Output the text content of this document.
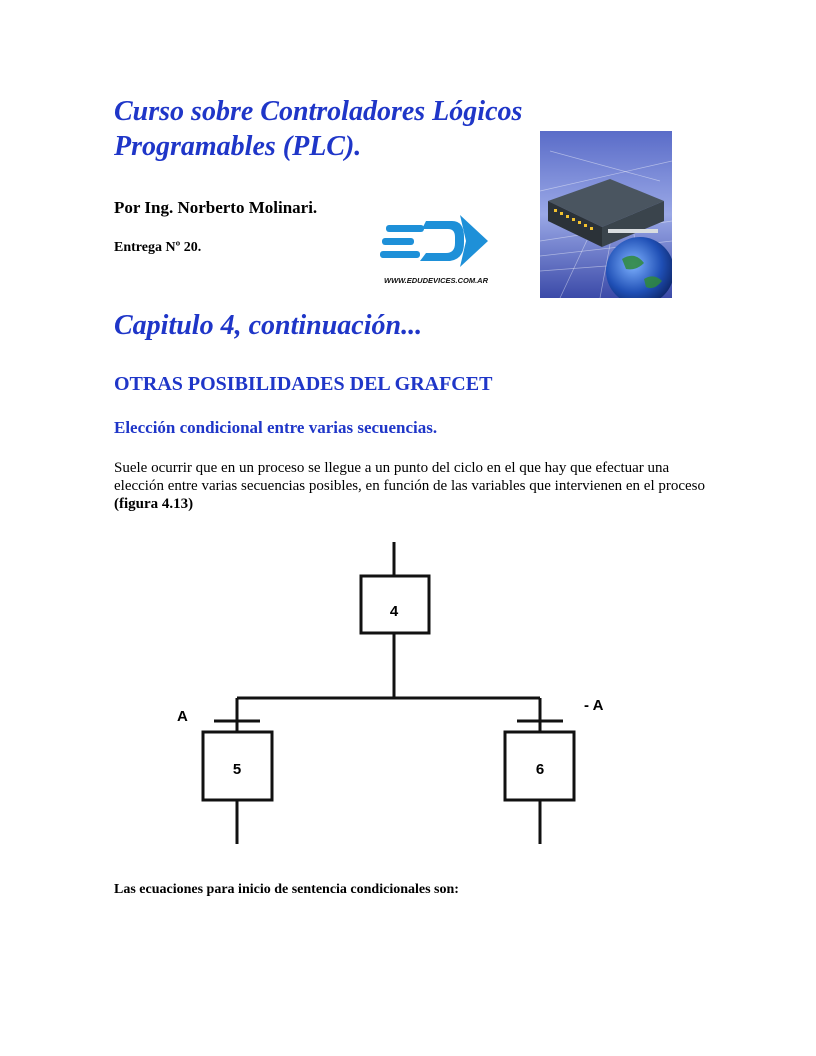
Curso sobre Controladores Lógicos
Programables (PLC).
Por Ing. Norberto Molinari.
Entrega Nº 20.
WWW.EDUDEVICES.COM.AR
Capitulo 4, continuación...
OTRAS POSIBILIDADES DEL GRAFCET
Elección condicional entre varias secuencias.
Suele ocurrir que en un proceso se llegue a un punto del ciclo en el que hay que efectuar una elección entre varias secuencias posibles, en función de las variables que intervienen en el proceso (figura 4.13)
4
5	6
A
- A
Las ecuaciones para inicio de sentencia condicionales son:
